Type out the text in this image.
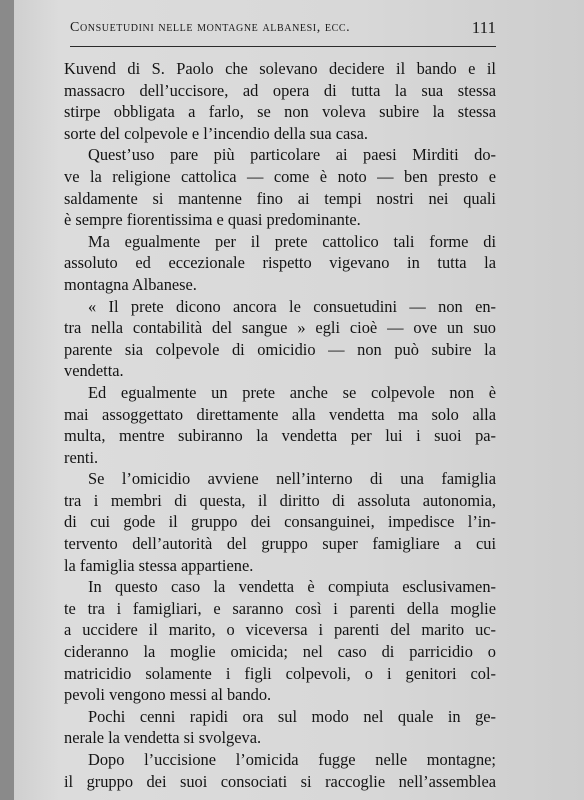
Consuetudini nelle montagne albanesi, ecc.	111
Kuvend di S. Paolo che solevano decidere il bando e il
massacro dell’uccisore, ad opera di tutta la sua stessa
stirpe obbligata a farlo, se non voleva subire la stessa
sorte del colpevole e l’incendio della sua casa.
Quest’uso pare più particolare ai paesi Mirditi do-
ve la religione cattolica — come è noto — ben presto e
saldamente si mantenne fino ai tempi nostri nei quali
è sempre fiorentissima e quasi predominante.
Ma egualmente per il prete cattolico tali forme di
assoluto ed eccezionale rispetto vigevano in tutta la
montagna Albanese.
« Il prete dicono ancora le consuetudini — non en-
tra nella contabilità del sangue » egli cioè — ove un suo
parente sia colpevole di omicidio — non può subire la
vendetta.
Ed egualmente un prete anche se colpevole non è
mai assoggettato direttamente alla vendetta ma solo alla
multa, mentre subiranno la vendetta per lui i suoi pa-
renti.
Se l’omicidio avviene nell’interno di una famiglia
tra i membri di questa, il diritto di assoluta autonomia,
di cui gode il gruppo dei consanguinei, impedisce l’in-
tervento dell’autorità del gruppo super famigliare a cui
la famiglia stessa appartiene.
In questo caso la vendetta è compiuta esclusivamen-
te tra i famigliari, e saranno così i parenti della moglie
a uccidere il marito, o viceversa i parenti del marito uc-
cideranno la moglie omicida; nel caso di parricidio o
matricidio solamente i figli colpevoli, o i genitori col-
pevoli vengono messi al bando.
Pochi cenni rapidi ora sul modo nel quale in ge-
nerale la vendetta si svolgeva.
Dopo l’uccisione l’omicida fugge nelle montagne;
il gruppo dei suoi consociati si raccoglie nell’assemblea
